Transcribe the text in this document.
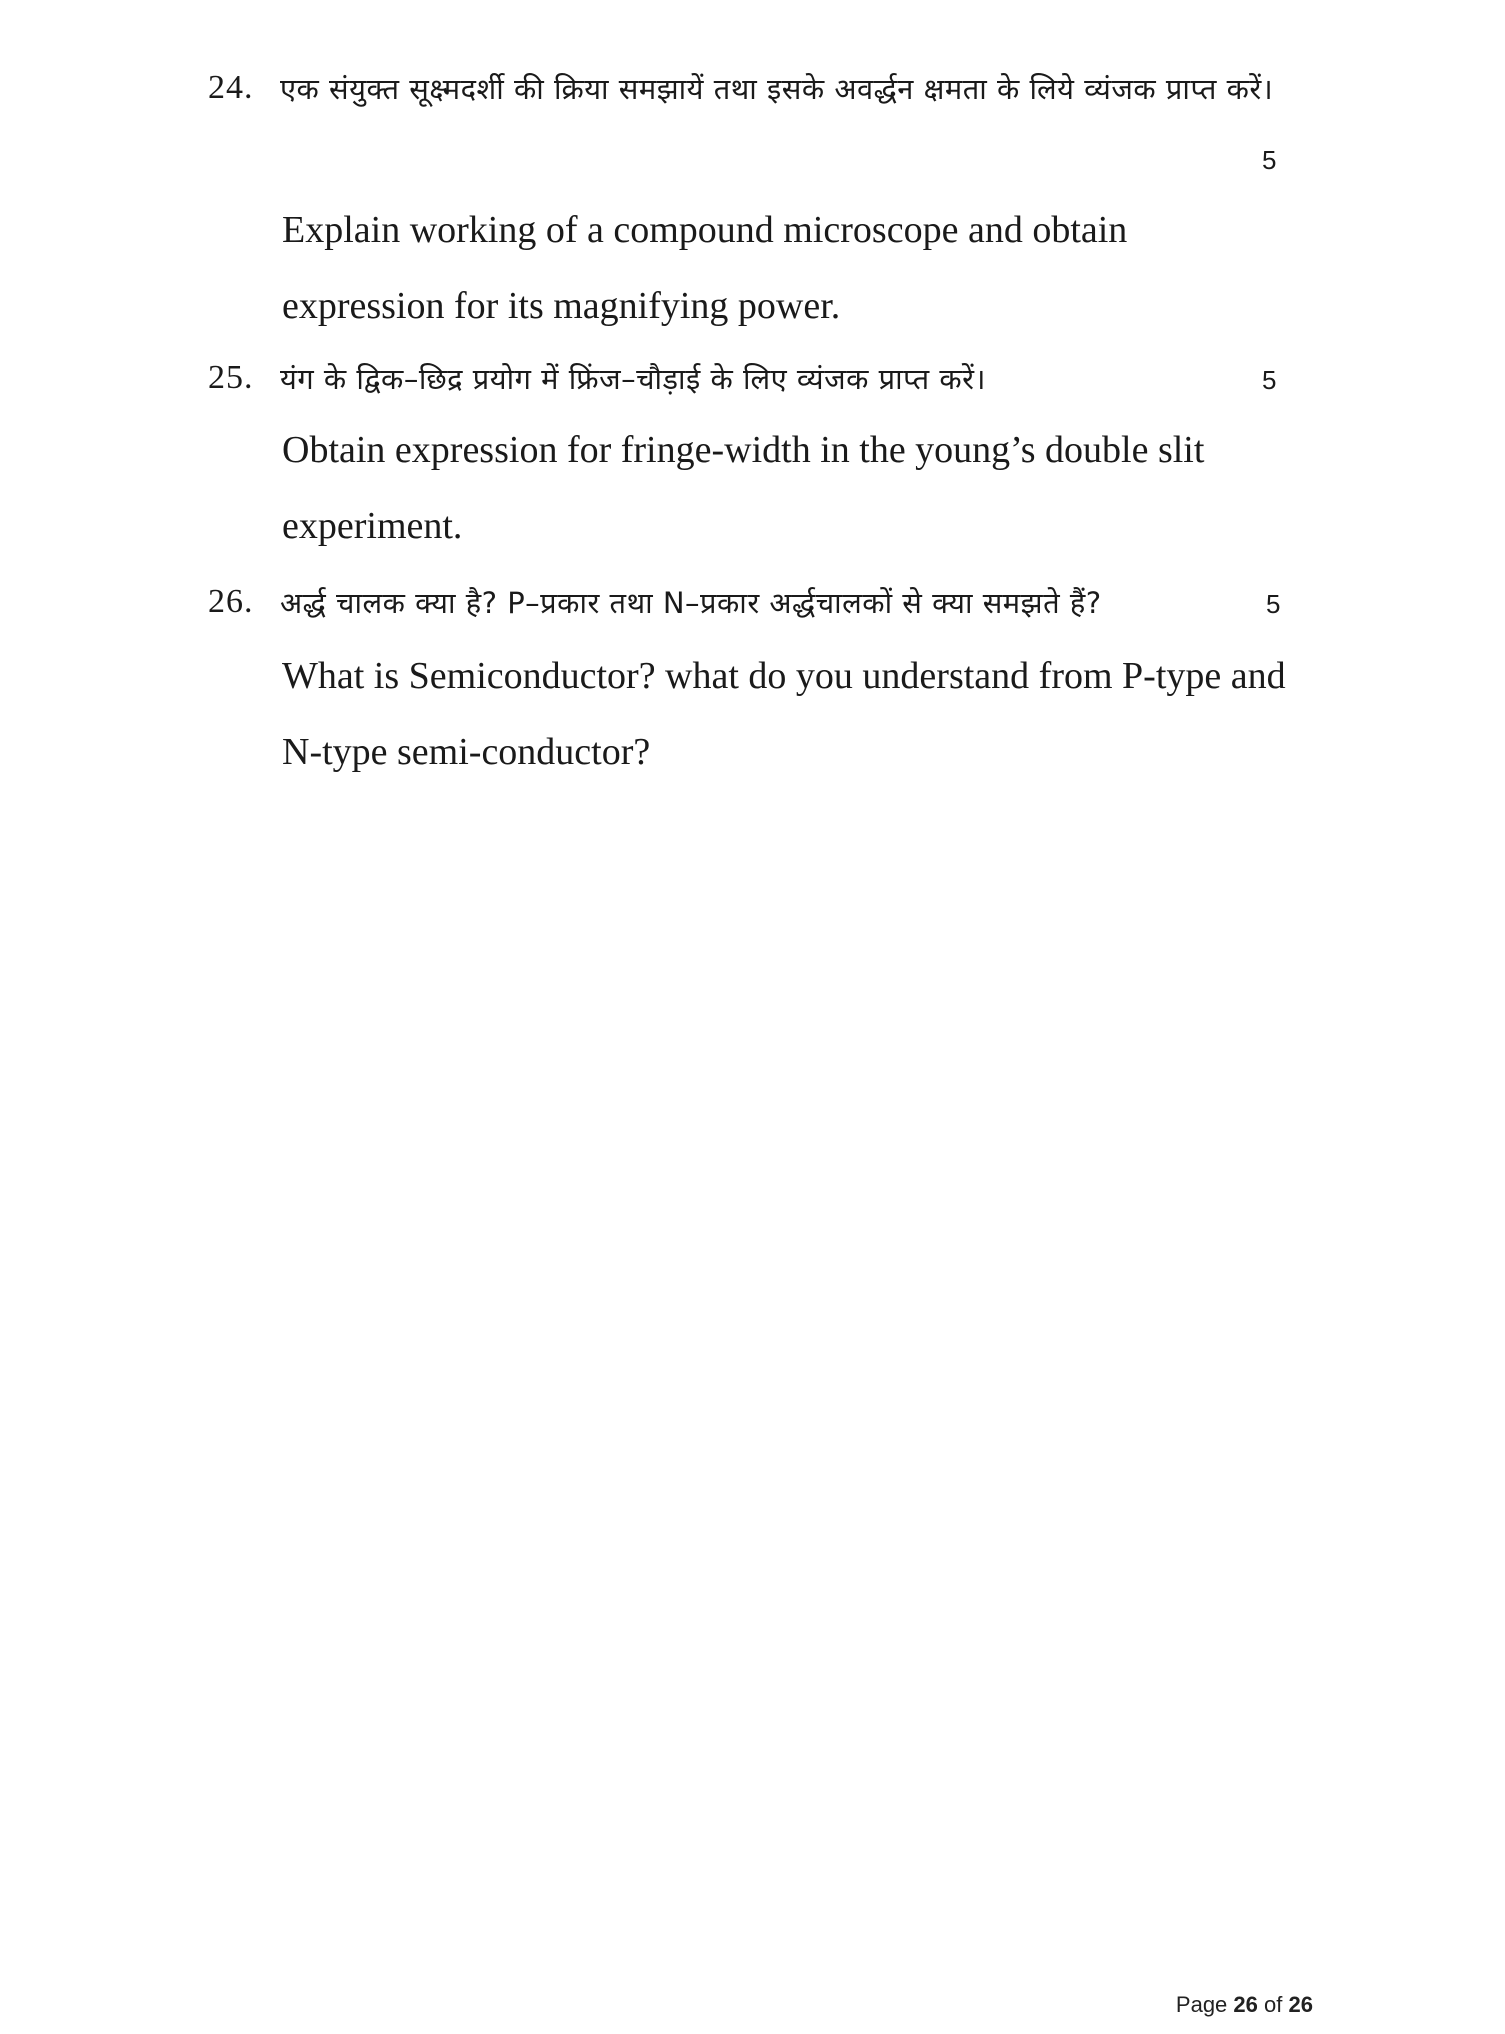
24. एक संयुक्त सूक्ष्मदर्शी की क्रिया समझायें तथा इसके अवर्द्धन क्षमता के लिये व्यंजक प्राप्त करें।
5
Explain working of a compound microscope and obtain expression for its magnifying power.
25. यंग के द्विक–छिद्र प्रयोग में फ्रिंज–चौड़ाई के लिए व्यंजक प्राप्त करें।	5
Obtain expression for fringe-width in the young’s double slit experiment.
26. अर्द्ध चालक क्या है? P–प्रकार तथा N–प्रकार अर्द्धचालकों से क्या समझते हैं?	5
What is Semiconductor? what do you understand from P-type and N-type semi-conductor?
Page 26 of 26
